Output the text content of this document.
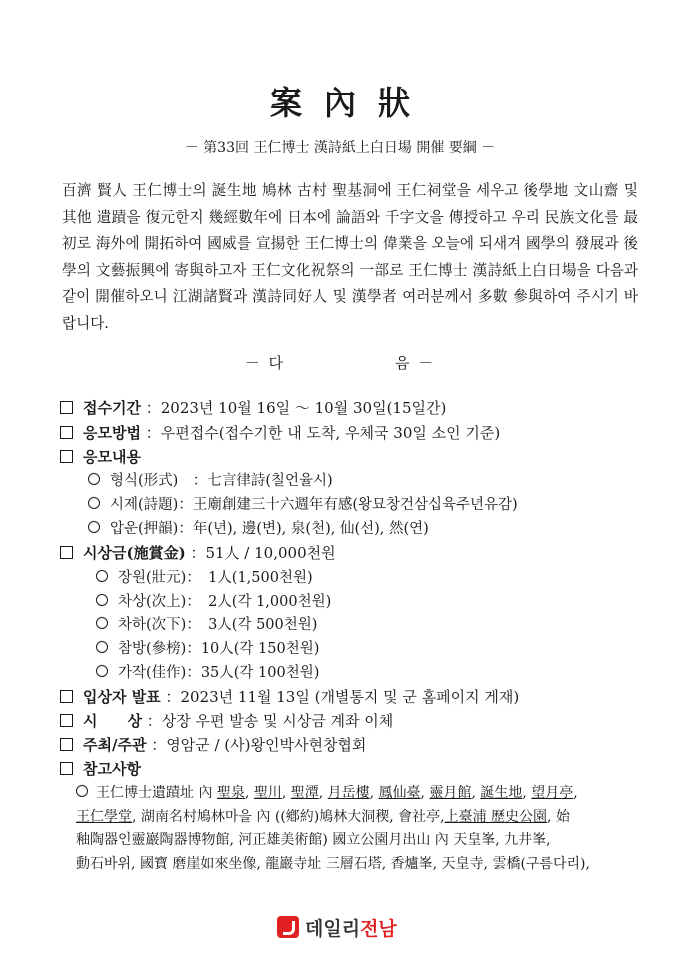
案內狀
－ 第33回 王仁博士 漢詩紙上白日場 開催 要綱 －

百濟 賢人 王仁博士의 誕生地 鳩林 古村 聖基洞에 王仁祠堂을 세우고 後學地 文山齋 및 其他 遺蹟을 復元한지 幾經數年에 日本에 論語와 千字文을 傳授하고 우리 民族文化를 最初로 海外에 開拓하여 國威를 宣揚한 王仁博士의 偉業을 오늘에 되새겨 國學의 發展과 後學의 文藝振興에 寄與하고자 王仁文化祝祭의 一部로 王仁博士 漢詩紙上白日場을 다음과 같이 開催하오니 江湖諸賢과 漢詩同好人 및 漢學者 여러분께서 多數 參與하여 주시기 바랍니다.

－ 다	음 －
접수기간 ：2023년 10월 16일 ～ 10월 30일(15일간)
응모방법 ：우편접수(접수기한 내 도착, 우체국 30일 소인 기준)
응모내용
형식(形式)　：七言律詩(칠언율시)
시제(詩題)：王廟創建三十六週年有感(왕묘창건삼십육주년유감)
압운(押韻)：年(년), 邊(변), 泉(천), 仙(선), 然(연)
시상금(施賞金) ：51人 / 10,000천원
장원(壯元)：　1人(1,500천원)
차상(次上)：　2人(각 1,000천원)
차하(次下)：　3人(각 500천원)
참방(參榜)：10人(각 150천원)
가작(佳作)：35人(각 100천원)
입상자 발표 ：2023년 11월 13일 (개별통지 및 군 홈페이지 게재)
시　　상 ：상장 우편 발송 및 시상금 계좌 이체
주최/주관 ：영암군 / (사)왕인박사현창협회
참고사항
王仁博士遺蹟址 內 聖泉, 聖川, 聖潭, 月岳樓, 鳳仙臺, 靈月館, 誕生地, 望月亭,
王仁學堂, 湖南名村鳩林마을 內 ((鄕約)鳩林大洞稧, 會社亭,上臺浦 歷史公園, 始
釉陶器인靈巖陶器博物館, 河正雄美術館) 國立公園月出山 內 天皇峯, 九井峯,
動石바위, 國寶 磨崖如來坐像, 龍巖寺址 三層石塔, 香爐峯, 天皇寺, 雲橋(구름다리),
데일리 전남
